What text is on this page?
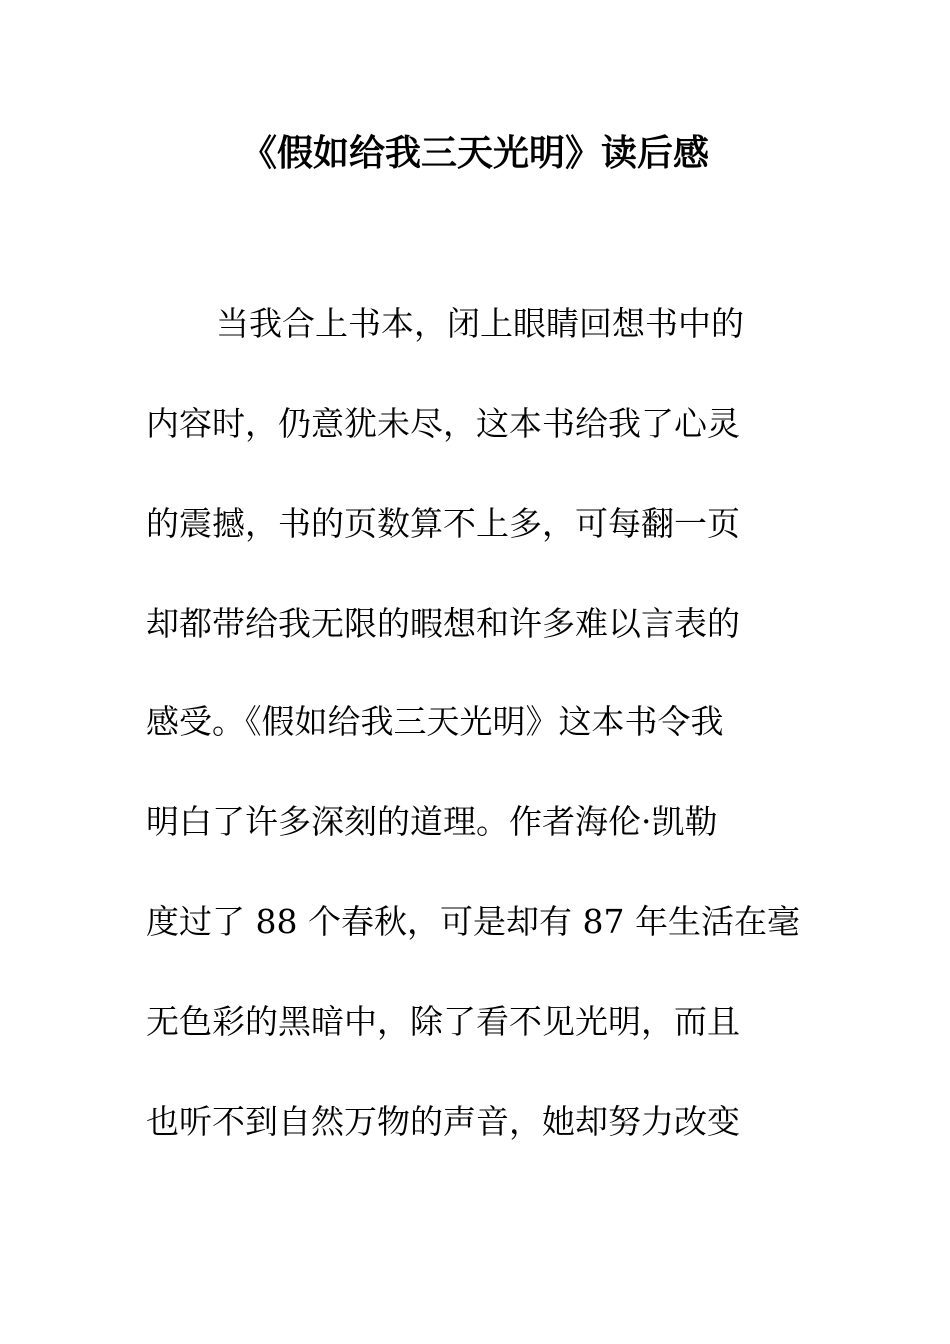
《假如给我三天光明》读后感
当我合上书本，闭上眼睛回想书中的
内容时，仍意犹未尽，这本书给我了心灵
的震撼，书的页数算不上多，可每翻一页
却都带给我无限的暇想和许多难以言表的
感受。《假如给我三天光明》这本书令我
明白了许多深刻的道理。作者海伦·凯勒
度过了 88 个春秋，可是却有 87 年生活在毫
无色彩的黑暗中，除了看不见光明，而且
也听不到自然万物的声音，她却努力改变
